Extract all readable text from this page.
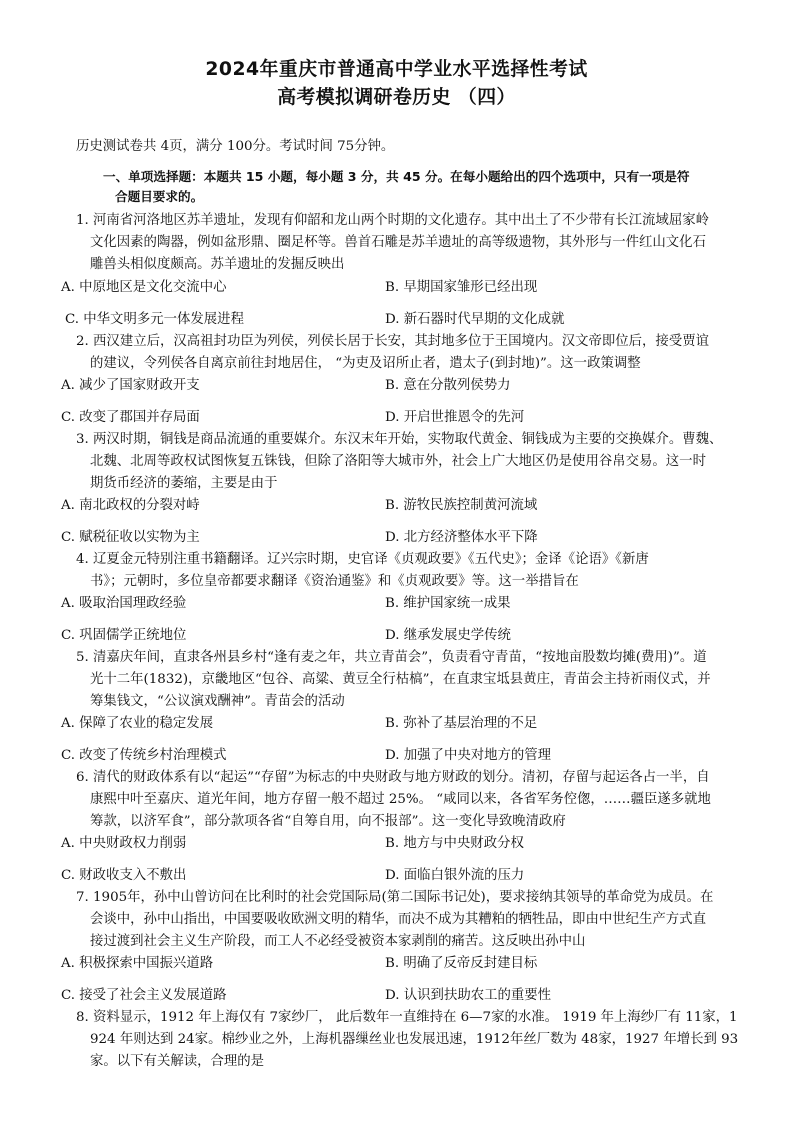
2024年重庆市普通高中学业水平选择性考试
高考模拟调研卷历史 （四）
历史测试卷共 4页，满分 100分。考试时间 75分钟。
一、单项选择题：本题共 15 小题，每小题 3 分，共 45 分。在每小题给出的四个选项中，只有一项是符
合题目要求的。
1. 河南省河洛地区苏羊遗址，发现有仰韶和龙山两个时期的文化遗存。其中出土了不少带有长江流域屈家岭
文化因素的陶器，例如盆形鼎、圈足杯等。兽首石雕是苏羊遗址的高等级遗物，其外形与一件红山文化石
雕兽头相似度颇高。苏羊遗址的发掘反映出
A. 中原地区是文化交流中心	B. 早期国家雏形已经出现
C. 中华文明多元一体发展进程	D. 新石器时代早期的文化成就
2. 西汉建立后，汉高祖封功臣为列侯，列侯长居于长安，其封地多位于王国境内。汉文帝即位后，接受贾谊
的建议，令列侯各自离京前往封地居住， “为吏及诏所止者，遣太子(到封地)”。这一政策调整
A. 减少了国家财政开支	B. 意在分散列侯势力
C. 改变了郡国并存局面	D. 开启世推恩令的先河
3. 两汉时期，铜钱是商品流通的重要媒介。东汉末年开始，实物取代黄金、铜钱成为主要的交换媒介。曹魏、
北魏、北周等政权试图恢复五铢钱，但除了洛阳等大城市外，社会上广大地区仍是使用谷帛交易。这一时
期货币经济的萎缩，主要是由于
A. 南北政权的分裂对峙	B. 游牧民族控制黄河流域
C. 赋税征收以实物为主	D. 北方经济整体水平下降
4. 辽夏金元特别注重书籍翻译。辽兴宗时期，史官译《贞观政要》《五代史》；金译《论语》《新唐
书》；元朝时，多位皇帝都要求翻译《资治通鉴》和《贞观政要》等。这一举措旨在
A. 吸取治国理政经验	B. 维护国家统一成果
C. 巩固儒学正统地位	D. 继承发展史学传统
5. 清嘉庆年间，直隶各州县乡村“逢有麦之年，共立青苗会”，负责看守青苗，“按地亩股数均摊(费用)”。道
光十二年(1832)，京畿地区“包谷、高粱、黄豆全行枯槁”，在直隶宝坻县黄庄，青苗会主持祈雨仪式，并
筹集钱文，“公议演戏酬神”。青苗会的活动
A. 保障了农业的稳定发展	B. 弥补了基层治理的不足
C. 改变了传统乡村治理模式	D. 加强了中央对地方的管理
6. 清代的财政体系有以“起运”“存留”为标志的中央财政与地方财政的划分。清初，存留与起运各占一半，自
康熙中叶至嘉庆、道光年间，地方存留一般不超过 25%。 “咸同以来，各省军务倥偬，……疆臣遂多就地
筹款，以济军食”，部分款项各省“自筹自用，向不报部”。这一变化导致晚清政府
A. 中央财政权力削弱	B. 地方与中央财政分权
C. 财政收支入不敷出	D. 面临白银外流的压力
7. 1905年，孙中山曾访问在比利时的社会党国际局(第二国际书记处)，要求接纳其领导的革命党为成员。在
会谈中，孙中山指出，中国要吸收欧洲文明的精华，而决不成为其糟粕的牺牲品，即由中世纪生产方式直
接过渡到社会主义生产阶段，而工人不必经受被资本家剥削的痛苦。这反映出孙中山
A. 积极探索中国振兴道路	B. 明确了反帝反封建目标
C. 接受了社会主义发展道路	D. 认识到扶助农工的重要性
8. 资料显示，1912 年上海仅有 7家纱厂， 此后数年一直维持在 6—7家的水准。 1919 年上海纱厂有 11家，1
924 年则达到 24家。棉纱业之外，上海机器缫丝业也发展迅速，1912年丝厂数为 48家，1927 年增长到 93
家。以下有关解读，合理的是
